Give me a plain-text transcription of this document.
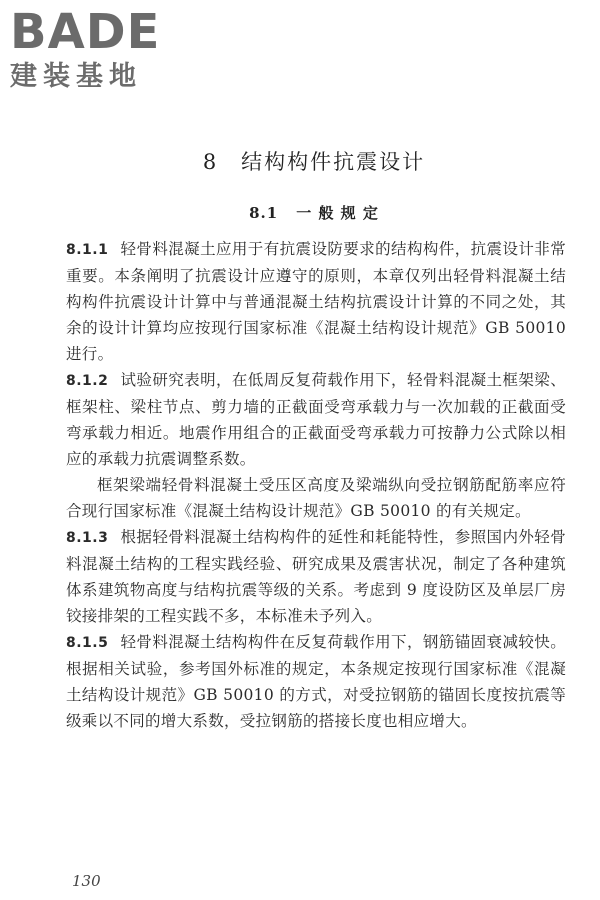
BADE
建装基地
8　结构构件抗震设计
8.1 一 般 规 定

8.1.1 轻骨料混凝土应用于有抗震设防要求的结构构件，抗震设计非常重要。本条阐明了抗震设计应遵守的原则，本章仅列出轻骨料混凝土结构构件抗震设计计算中与普通混凝土结构抗震设计计算的不同之处，其余的设计计算均应按现行国家标准《混凝土结构设计规范》GB 50010 进行。

8.1.2 试验研究表明，在低周反复荷载作用下，轻骨料混凝土框架梁、框架柱、梁柱节点、剪力墙的正截面受弯承载力与一次加载的正截面受弯承载力相近。地震作用组合的正截面受弯承载力可按静力公式除以相应的承载力抗震调整系数。

框架梁端轻骨料混凝土受压区高度及梁端纵向受拉钢筋配筋率应符合现行国家标准《混凝土结构设计规范》GB 50010 的有关规定。

8.1.3 根据轻骨料混凝土结构构件的延性和耗能特性，参照国内外轻骨料混凝土结构的工程实践经验、研究成果及震害状况，制定了各种建筑体系建筑物高度与结构抗震等级的关系。考虑到 9 度设防区及单层厂房铰接排架的工程实践不多，本标准未予列入。

8.1.5 轻骨料混凝土结构构件在反复荷载作用下，钢筋锚固衰减较快。根据相关试验，参考国外标准的规定，本条规定按现行国家标准《混凝土结构设计规范》GB 50010 的方式，对受拉钢筋的锚固长度按抗震等级乘以不同的增大系数，受拉钢筋的搭接长度也相应增大。

130
